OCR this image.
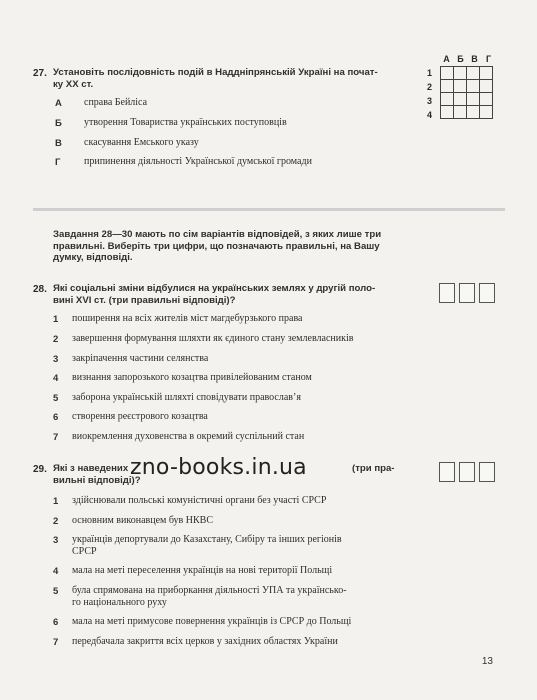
27. Установіть послідовність подій в Наддніпрянській Україні на почат-
ку ХХ ст.
А справа Бейліса
Б утворення Товариства українських поступовців
В скасування Емського указу
Г припинення діяльності Української думської громади
А Б В Г
1
2
3
4

Завдання 28—30 мають по сім варіантів відповідей, з яких лише три
правильні. Виберіть три цифри, що позначають правильні, на Вашу
думку, відповіді.
28. Які соціальні зміни відбулися на українських землях у другій поло-
вині XVI ст. (три правильні відповіді)?
1 поширення на всіх жителів міст магдебурзького права
2 завершення формування шляхти як єдиного стану землевласників
3 закріпачення частини селянства
4 визнання запорозького козацтва привілейованим станом
5 заборона українській шляхті сповідувати православ’я
6 створення реєстрового козацтва
7 виокремлення духовенства в окремий суспільний стан
29. Які з наведених	(три пра-
вильні відповіді)?
1 здійснювали польські комуністичні органи без участі СРСР
2 основним виконавцем був НКВС
3 українців депортували до Казахстану, Сибіру та інших регіонів
СРСР
4 мала на меті переселення українців на нові території Польщі
5 була спрямована на приборкання діяльності УПА та українсько-
го національного руху
6 мала на меті примусове повернення українців із СРСР до Польщі
7 передбачала закриття всіх церков у західних областях України
zno-books.in.ua
13
